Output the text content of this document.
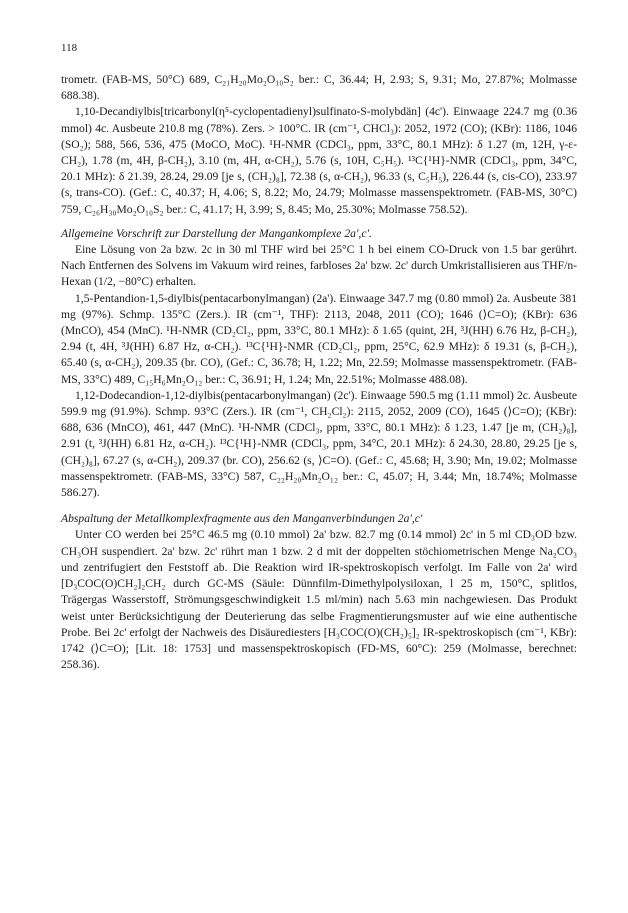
118

trometr. (FAB-MS, 50°C) 689, C₂₁H₂₀Mo₂O₁₀S₂ ber.: C, 36.44; H, 2.93; S, 9.31; Mo, 27.87%; Molmasse 688.38).

1,10-Decandiylbis[tricarbonyl(η⁵-cyclopentadienyl)sulfinato-S-molybdän] (4c'). Einwaage 224.7 mg (0.36 mmol) 4c. Ausbeute 210.8 mg (78%). Zers. > 100°C. IR (cm⁻¹, CHCl₃): 2052, 1972 (CO); (KBr): 1186, 1046 (SO₂); 588, 566, 536, 475 (MoCO, MoC). ¹H-NMR (CDCl₃, ppm, 33°C, 80.1 MHz): δ 1.27 (m, 12H, γ-ε-CH₂), 1.78 (m, 4H, β-CH₂), 3.10 (m, 4H, α-CH₂), 5.76 (s, 10H, C₅H₅). ¹³C{¹H}-NMR (CDCl₃, ppm, 34°C, 20.1 MHz): δ 21.39, 28.24, 29.09 [je s, (CH₂)₈], 72.38 (s, α-CH₂), 96.33 (s, C₅H₅), 226.44 (s, cis-CO), 233.97 (s, trans-CO). (Gef.: C, 40.37; H, 4.06; S, 8.22; Mo, 24.79; Molmasse massenspektrometr. (FAB-MS, 30°C) 759, C₂₆H₃₀Mo₂O₁₀S₂ ber.: C, 41.17; H, 3.99; S, 8.45; Mo, 25.30%; Molmasse 758.52).

Allgemeine Vorschrift zur Darstellung der Mangankomplexe 2a',c'.

Eine Lösung von 2a bzw. 2c in 30 ml THF wird bei 25°C 1 h bei einem CO-Druck von 1.5 bar gerührt. Nach Entfernen des Solvens im Vakuum wird reines, farbloses 2a' bzw. 2c' durch Umkristallisieren aus THF/n-Hexan (1/2, −80°C) erhalten.

1,5-Pentandion-1,5-diylbis(pentacarbonylmangan) (2a'). Einwaage 347.7 mg (0.80 mmol) 2a. Ausbeute 381 mg (97%). Schmp. 135°C (Zers.). IR (cm⁻¹, THF): 2113, 2048, 2011 (CO); 1646 (⟩C=O); (KBr): 636 (MnCO), 454 (MnC). ¹H-NMR (CD₂Cl₂, ppm, 33°C, 80.1 MHz): δ 1.65 (quint, 2H, ³J(HH) 6.76 Hz, β-CH₂), 2.94 (t, 4H, ³J(HH) 6.87 Hz, α-CH₂). ¹³C{¹H}-NMR (CD₂Cl₂, ppm, 25°C, 62.9 MHz): δ 19.31 (s, β-CH₂), 65.40 (s, α-CH₂), 209.35 (br. CO), (Gef.: C, 36.78; H, 1.22; Mn, 22.59; Molmasse massenspektrometr. (FAB-MS, 33°C) 489, C₁₅H₆Mn₂O₁₂ ber.: C, 36.91; H, 1.24; Mn, 22.51%; Molmasse 488.08).

1,12-Dodecandion-1,12-diylbis(pentacarbonylmangan) (2c'). Einwaage 590.5 mg (1.11 mmol) 2c. Ausbeute 599.9 mg (91.9%). Schmp. 93°C (Zers.). IR (cm⁻¹, CH₂Cl₂): 2115, 2052, 2009 (CO), 1645 (⟩C=O); (KBr): 688, 636 (MnCO), 461, 447 (MnC). ¹H-NMR (CDCl₃, ppm, 33°C, 80.1 MHz): δ 1.23, 1.47 [je m, (CH₂)₈], 2.91 (t, ³J(HH) 6.81 Hz, α-CH₂). ¹³C{¹H}-NMR (CDCl₃, ppm, 34°C, 20.1 MHz): δ 24.30, 28.80, 29.25 [je s, (CH₂)₈], 67.27 (s, α-CH₂), 209.37 (br. CO), 256.62 (s, ⟩C=O). (Gef.: C, 45.68; H, 3.90; Mn, 19.02; Molmasse massenspektrometr. (FAB-MS, 33°C) 587, C₂₂H₂₀Mn₂O₁₂ ber.: C, 45.07; H, 3.44; Mn, 18.74%; Molmasse 586.27).

Abspaltung der Metallkomplexfragmente aus den Manganverbindungen 2a',c'

Unter CO werden bei 25°C 46.5 mg (0.10 mmol) 2a' bzw. 82.7 mg (0.14 mmol) 2c' in 5 ml CD₃OD bzw. CH₃OH suspendiert. 2a' bzw. 2c' rührt man 1 bzw. 2 d mit der doppelten stöchiometrischen Menge Na₂CO₃ und zentrifugiert den Feststoff ab. Die Reaktion wird IR-spektroskopisch verfolgt. Im Falle von 2a' wird [D₃COC(O)CH₂]₂CH₂ durch GC-MS (Säule: Dünnfilm-Dimethylpolysiloxan, l 25 m, 150°C, splitlos, Trägergas Wasserstoff, Strömungsgeschwindigkeit 1.5 ml/min) nach 5.63 min nachgewiesen. Das Produkt weist unter Berücksichtigung der Deuterierung das selbe Fragmentierungsmuster auf wie eine authentische Probe. Bei 2c' erfolgt der Nachweis des Disäurediesters [H₃COC(O)(CH₂)₅]₂ IR-spektroskopisch (cm⁻¹, KBr): 1742 (⟩C=O); [Lit. 18: 1753] und massenspektroskopisch (FD-MS, 60°C): 259 (Molmasse, berechnet: 258.36).
